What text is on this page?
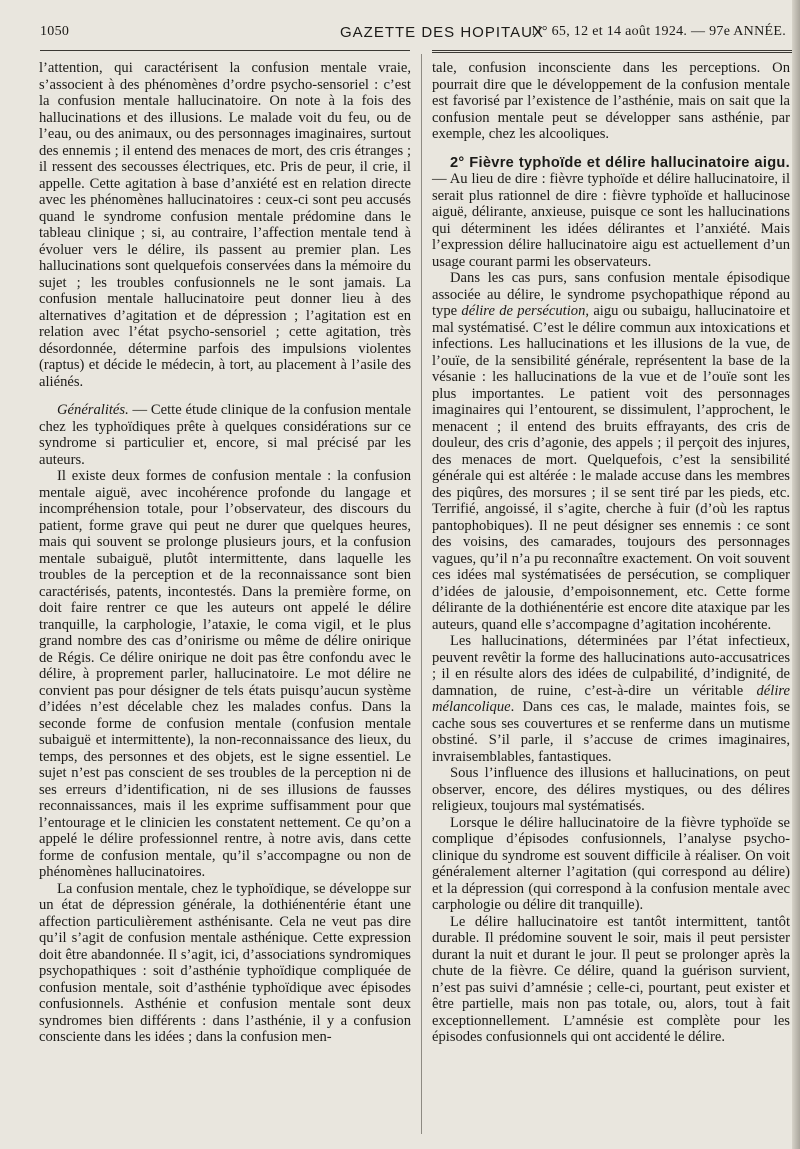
1050	GAZETTE DES HOPITAUX
N° 65, 12 et 14 août 1924. — 97e ANNÉE.

l’attention, qui caractérisent la confusion mentale vraie, s’associent à des phénomènes d’ordre psycho-sensoriel : c’est la confusion mentale hallucinatoire. On note à la fois des hallucinations et des illusions. Le malade voit du feu, ou de l’eau, ou des animaux, ou des personnages imaginaires, surtout des ennemis ; il entend des menaces de mort, des cris étranges ; il ressent des secousses électriques, etc. Pris de peur, il crie, il appelle. Cette agitation à base d’anxiété est en relation directe avec les phénomènes hallucinatoires : ceux-ci sont peu accusés quand le syndrome confusion mentale prédomine dans le tableau clinique ; si, au contraire, l’affection mentale tend à évoluer vers le délire, ils passent au premier plan. Les hallucinations sont quelquefois conservées dans la mémoire du sujet ; les troubles confusionnels ne le sont jamais. La confusion mentale hallucinatoire peut donner lieu à des alternatives d’agitation et de dépression ; l’agitation est en relation avec l’état psycho-sensoriel ; cette agitation, très désordonnée, détermine parfois des impulsions violentes (raptus) et décide le médecin, à tort, au placement à l’asile des aliénés.

Généralités. — Cette étude clinique de la confusion mentale chez les typhoïdiques prête à quelques considérations sur ce syndrome si particulier et, encore, si mal précisé par les auteurs.

Il existe deux formes de confusion mentale : la confusion mentale aiguë, avec incohérence profonde du langage et incompréhension totale, pour l’observateur, des discours du patient, forme grave qui peut ne durer que quelques heures, mais qui souvent se prolonge plusieurs jours, et la confusion mentale subaiguë, plutôt intermittente, dans laquelle les troubles de la perception et de la reconnaissance sont bien caractérisés, patents, incontestés. Dans la première forme, on doit faire rentrer ce que les auteurs ont appelé le délire tranquille, la carphologie, l’ataxie, le coma vigil, et le plus grand nombre des cas d’onirisme ou même de délire onirique de Régis. Ce délire onirique ne doit pas être confondu avec le délire, à proprement parler, hallucinatoire. Le mot délire ne convient pas pour désigner de tels états puisqu’aucun système d’idées n’est décelable chez les malades confus. Dans la seconde forme de confusion mentale (confusion mentale subaiguë et intermittente), la non-reconnaissance des lieux, du temps, des personnes et des objets, est le signe essentiel. Le sujet n’est pas conscient de ses troubles de la perception ni de ses erreurs d’identification, ni de ses illusions de fausses reconnaissances, mais il les exprime suffisamment pour que l’entourage et le clinicien les constatent nettement. Ce qu’on a appelé le délire professionnel rentre, à notre avis, dans cette forme de confusion mentale, qu’il s’accompagne ou non de phénomènes hallucinatoires.

La confusion mentale, chez le typhoïdique, se développe sur un état de dépression générale, la dothiénentérie étant une affection particulièrement asthénisante. Cela ne veut pas dire qu’il s’agit de confusion mentale asthénique. Cette expression doit être abandonnée. Il s’agit, ici, d’associations syndromiques psychopathiques : soit d’asthénie typhoïdique compliquée de confusion mentale, soit d’asthénie typhoïdique avec épisodes confusionnels. Asthénie et confusion mentale sont deux syndromes bien différents : dans l’asthénie, il y a confusion consciente dans les idées ; dans la confusion men-

tale, confusion inconsciente dans les perceptions. On pourrait dire que le développement de la confusion mentale est favorisé par l’existence de l’asthénie, mais on sait que la confusion mentale peut se développer sans asthénie, par exemple, chez les alcooliques.

2° Fièvre typhoïde et délire hallucinatoire aigu. — Au lieu de dire : fièvre typhoïde et délire hallucinatoire, il serait plus rationnel de dire : fièvre typhoïde et hallucinose aiguë, délirante, anxieuse, puisque ce sont les hallucinations qui déterminent les idées délirantes et l’anxiété. Mais l’expression délire hallucinatoire aigu est actuellement d’un usage courant parmi les observateurs.

Dans les cas purs, sans confusion mentale épisodique associée au délire, le syndrome psychopathique répond au type délire de persécution, aigu ou subaigu, hallucinatoire et mal systématisé. C’est le délire commun aux intoxications et infections. Les hallucinations et les illusions de la vue, de l’ouïe, de la sensibilité générale, représentent la base de la vésanie : les hallucinations de la vue et de l’ouïe sont les plus importantes. Le patient voit des personnages imaginaires qui l’entourent, se dissimulent, l’approchent, le menacent ; il entend des bruits effrayants, des cris de douleur, des cris d’agonie, des appels ; il perçoit des injures, des menaces de mort. Quelquefois, c’est la sensibilité générale qui est altérée : le malade accuse dans les membres des piqûres, des morsures ; il se sent tiré par les pieds, etc. Terrifié, angoissé, il s’agite, cherche à fuir (d’où les raptus pantophobiques). Il ne peut désigner ses ennemis : ce sont des voisins, des camarades, toujours des personnages vagues, qu’il n’a pu reconnaître exactement. On voit souvent ces idées mal systématisées de persécution, se compliquer d’idées de jalousie, d’empoisonnement, etc. Cette forme délirante de la dothiénentérie est encore dite ataxique par les auteurs, quand elle s’accompagne d’agitation incohérente.

Les hallucinations, déterminées par l’état infectieux, peuvent revêtir la forme des hallucinations auto-accusatrices ; il en résulte alors des idées de culpabilité, d’indignité, de damnation, de ruine, c’est-à-dire un véritable délire mélancolique. Dans ces cas, le malade, maintes fois, se cache sous ses couvertures et se renferme dans un mutisme obstiné. S’il parle, il s’accuse de crimes imaginaires, invraisemblables, fantastiques.

Sous l’influence des illusions et hallucinations, on peut observer, encore, des délires mystiques, ou des délires religieux, toujours mal systématisés.

Lorsque le délire hallucinatoire de la fièvre typhoïde se complique d’épisodes confusionnels, l’analyse psycho-clinique du syndrome est souvent difficile à réaliser. On voit généralement alterner l’agitation (qui correspond au délire) et la dépression (qui correspond à la confusion mentale avec carphologie ou délire dit tranquille).

Le délire hallucinatoire est tantôt intermittent, tantôt durable. Il prédomine souvent le soir, mais il peut persister durant la nuit et durant le jour. Il peut se prolonger après la chute de la fièvre. Ce délire, quand la guérison survient, n’est pas suivi d’amnésie ; celle-ci, pourtant, peut exister et être partielle, mais non pas totale, ou, alors, tout à fait exceptionnellement. L’amnésie est complète pour les épisodes confusionnels qui ont accidenté le délire.
